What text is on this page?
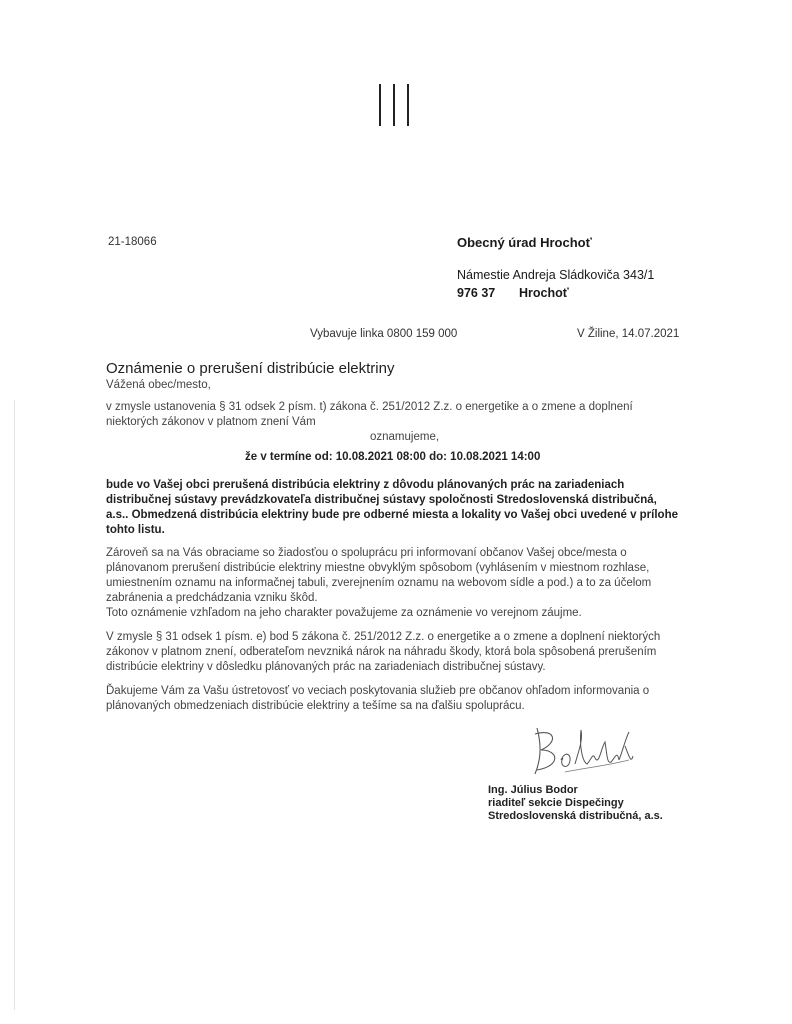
21-18066	Obecný úrad Hrochoť
Námestie Andreja Sládkoviča 343/1
976 37 Hrochoť
Vybavuje linka 0800 159 000	V Žiline, 14.07.2021
Oznámenie o prerušení distribúcie elektriny
Vážená obec/mesto,
v zmysle ustanovenia § 31 odsek 2 písm. t) zákona č. 251/2012 Z.z. o energetike a o zmene a doplnení niektorých zákonov v platnom znení Vám
oznamujeme,
že v termíne od: 10.08.2021 08:00 do: 10.08.2021 14:00
bude vo Vašej obci prerušená distribúcia elektriny z dôvodu plánovaných prác na zariadeniach distribučnej sústavy prevádzkovateľa distribučnej sústavy spoločnosti Stredoslovenská distribučná, a.s.. Obmedzená distribúcia elektriny bude pre odberné miesta a lokality vo Vašej obci uvedené v prílohe tohto listu.
Zároveň sa na Vás obraciame so žiadosťou o spoluprácu pri informovaní občanov Vašej obce/mesta o plánovanom prerušení distribúcie elektriny miestne obvyklým spôsobom (vyhlásením v miestnom rozhlase, umiestnením oznamu na informačnej tabuli, zverejnením oznamu na webovom sídle a pod.) a to za účelom zabránenia a predchádzania vzniku škôd.
Toto oznámenie vzhľadom na jeho charakter považujeme za oznámenie vo verejnom záujme.
V zmysle § 31 odsek 1 písm. e) bod 5 zákona č. 251/2012 Z.z. o energetike a o zmene a doplnení niektorých zákonov v platnom znení, odberateľom nevzniká nárok na náhradu škody, ktorá bola spôsobená prerušením distribúcie elektriny v dôsledku plánovaných prác na zariadeniach distribučnej sústavy.
Ďakujeme Vám za Vašu ústretovosť vo veciach poskytovania služieb pre občanov ohľadom informovania o plánovaných obmedzeniach distribúcie elektriny a tešíme sa na ďalšiu spoluprácu.
Ing. Július Bodor
riaditeľ sekcie Dispečingy
Stredoslovenská distribučná, a.s.
